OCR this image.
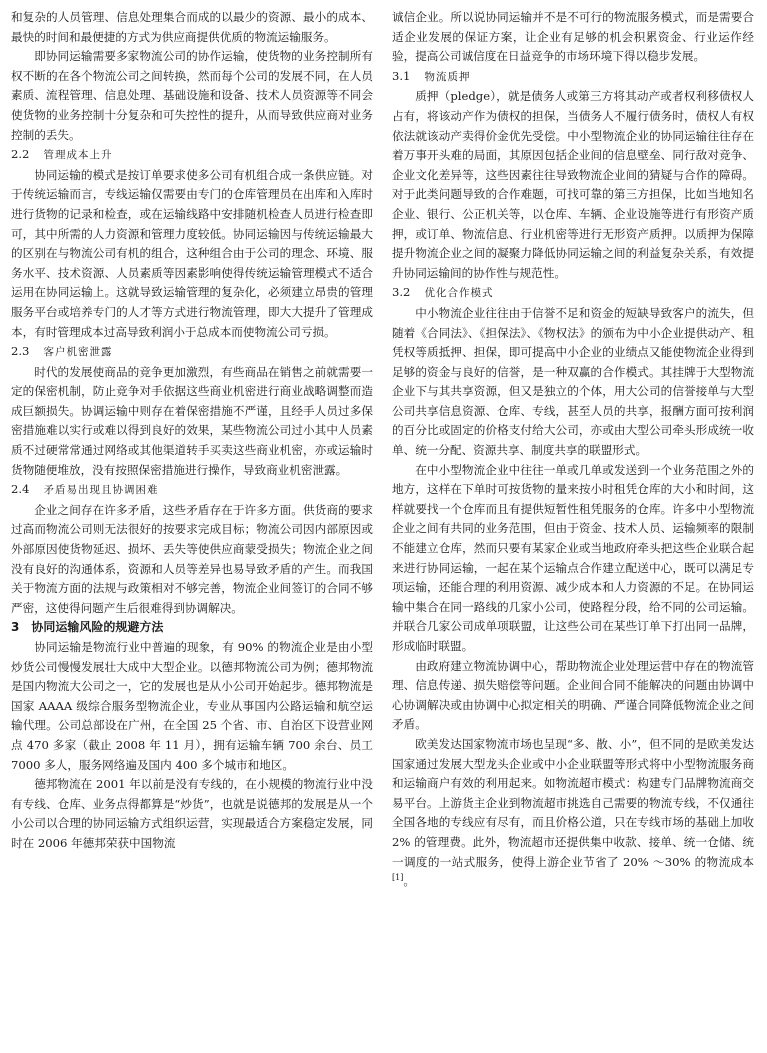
和复杂的人员管理、信息处理集合而成的以最少的资源、最小的成本、最快的时间和最便捷的方式为供应商提供优质的物流运输服务。

即协同运输需要多家物流公司的协作运输，使货物的业务控制所有权不断的在各个物流公司之间转换，然而每个公司的发展不同，在人员素质、流程管理、信息处理、基础设施和设备、技术人员资源等不同会使货物的业务控制十分复杂和可失控性的提升，从而导致供应商对业务控制的丢失。

2.2 管理成本上升

协同运输的模式是按订单要求使多公司有机组合成一条供应链。对于传统运输而言，专线运输仅需要由专门的仓库管理员在出库和入库时进行货物的记录和检查，或在运输线路中安排随机检查人员进行检查即可，其中所需的人力资源和管理力度较低。协同运输因与传统运输最大的区别在与物流公司有机的组合，这种组合由于公司的理念、环境、服务水平、技术资源、人员素质等因素影响使得传统运输管理模式不适合运用在协同运输上。这就导致运输管理的复杂化，必须建立昂贵的管理服务平台或培养专门的人才等方式进行物流管理，即大大提升了管理成本，有时管理成本过高导致利润小于总成本而使物流公司亏损。

2.3 客户机密泄露

时代的发展使商品的竞争更加激烈，有些商品在销售之前就需要一定的保密机制，防止竞争对手依据这些商业机密进行商业战略调整而造成巨额损失。协调运输中则存在着保密措施不严谨，且经手人员过多保密措施难以实行或难以得到良好的效果，某些物流公司过小其中人员素质不过硬常常通过网络或其他渠道转手买卖这些商业机密，亦或运输时货物随便堆放，没有按照保密措施进行操作，导致商业机密泄露。

2.4 矛盾易出现且协调困难

企业之间存在许多矛盾，这些矛盾存在于许多方面。供货商的要求过高而物流公司则无法很好的按要求完成目标；物流公司因内部原因或外部原因使货物延迟、损坏、丢失等使供应商蒙受损失；物流企业之间没有良好的沟通体系，资源和人员等差异也易导致矛盾的产生。而我国关于物流方面的法规与政策相对不够完善，物流企业间签订的合同不够严密，这使得问题产生后很难得到协调解决。

3 协同运输风险的规避方法

协同运输是物流行业中普遍的现象，有 90% 的物流企业是由小型炒货公司慢慢发展壮大成中大型企业。以德邦物流公司为例；德邦物流是国内物流大公司之一，它的发展也是从小公司开始起步。德邦物流是国家 AAAA 级综合服务型物流企业，专业从事国内公路运输和航空运输代理。公司总部设在广州，在全国 25 个省、市、自治区下设营业网点 470 多家（截止 2008 年 11 月），拥有运输车辆 700 余台、员工 7000 多人，服务网络遍及国内 400 多个城市和地区。

德邦物流在 2001 年以前是没有专线的，在小规模的物流行业中没有专线、仓库、业务点得都算是“炒货”，也就是说德邦的发展是从一个小公司以合理的协同运输方式组织运营，实现最适合方案稳定发展，同时在 2006 年德邦荣获中国物流

诚信企业。所以说协同运输并不是不可行的物流服务模式，而是需要合适企业发展的保证方案，让企业有足够的机会积累资金、行业运作经验，提高公司诚信度在日益竞争的市场环境下得以稳步发展。

3.1 物流质押

质押（pledge），就是债务人或第三方将其动产或者权利移债权人占有，将该动产作为债权的担保，当债务人不履行债务时，债权人有权依法就该动产卖得价金优先受偿。中小型物流企业的协同运输往往存在着万事开头难的局面，其原因包括企业间的信息壁垒、同行敌对竞争、企业文化差异等，这些因素往往导致物流企业间的猜疑与合作的障碍。对于此类问题导致的合作难题，可找可靠的第三方担保，比如当地知名企业、银行、公正机关等，以仓库、车辆、企业设施等进行有形资产质押，或订单、物流信息、行业机密等进行无形资产质押。以质押为保障提升物流企业之间的凝聚力降低协同运输之间的利益复杂关系，有效提升协同运输间的协作性与规范性。

3.2 优化合作模式

中小物流企业往往由于信誉不足和资金的短缺导致客户的流失，但随着《合同法》、《担保法》、《物权法》的颁布为中小企业提供动产、租凭权等质抵押、担保，即可提高中小企业的业绩点又能使物流企业得到足够的资金与良好的信誉，是一种双赢的合作模式。其挂牌于大型物流企业下与其共享资源，但又是独立的个体，用大公司的信誉接单与大型公司共享信息资源、仓库、专线，甚至人员的共享，报酬方面可按利润的百分比或固定的价格支付给大公司，亦或由大型公司牵头形成统一收单、统一分配、资源共享、制度共享的联盟形式。

在中小型物流企业中往往一单或几单或发送到一个业务范围之外的地方，这样在下单时可按货物的量来按小时租凭仓库的大小和时间，这样就要找一个仓库而且有提供短暂性租凭服务的仓库。许多中小型物流企业之间有共同的业务范围，但由于资金、技术人员、运输频率的限制不能建立仓库，然而只要有某家企业或当地政府牵头把这些企业联合起来进行协同运输，一起在某个运输点合作建立配送中心，既可以满足专项运输，还能合理的利用资源、减少成本和人力资源的不足。在协同运输中集合在同一路线的几家小公司，使路程分段，给不同的公司运输。并联合几家公司成单项联盟，让这些公司在某些订单下打出同一品牌，形成临时联盟。

由政府建立物流协调中心，帮助物流企业处理运营中存在的物流管理、信息传递、损失赔偿等问题。企业间合同不能解决的问题由协调中心协调解决或由协调中心拟定相关的明确、严谨合同降低物流企业之间矛盾。

欧美发达国家物流市场也呈现“多、散、小”，但不同的是欧美发达国家通过发展大型龙头企业或中小企业联盟等形式将中小型物流服务商和运输商户有效的利用起来。如物流超市模式：构建专门品牌物流商交易平台。上游货主企业到物流超市挑选自己需要的物流专线，不仅通往全国各地的专线应有尽有，而且价格公道，只在专线市场的基础上加收 2% 的管理费。此外，物流超市还提供集中收款、接单、统一仓储、统一调度的一站式服务，使得上游企业节省了 20% ～30% 的物流成本[1]。
